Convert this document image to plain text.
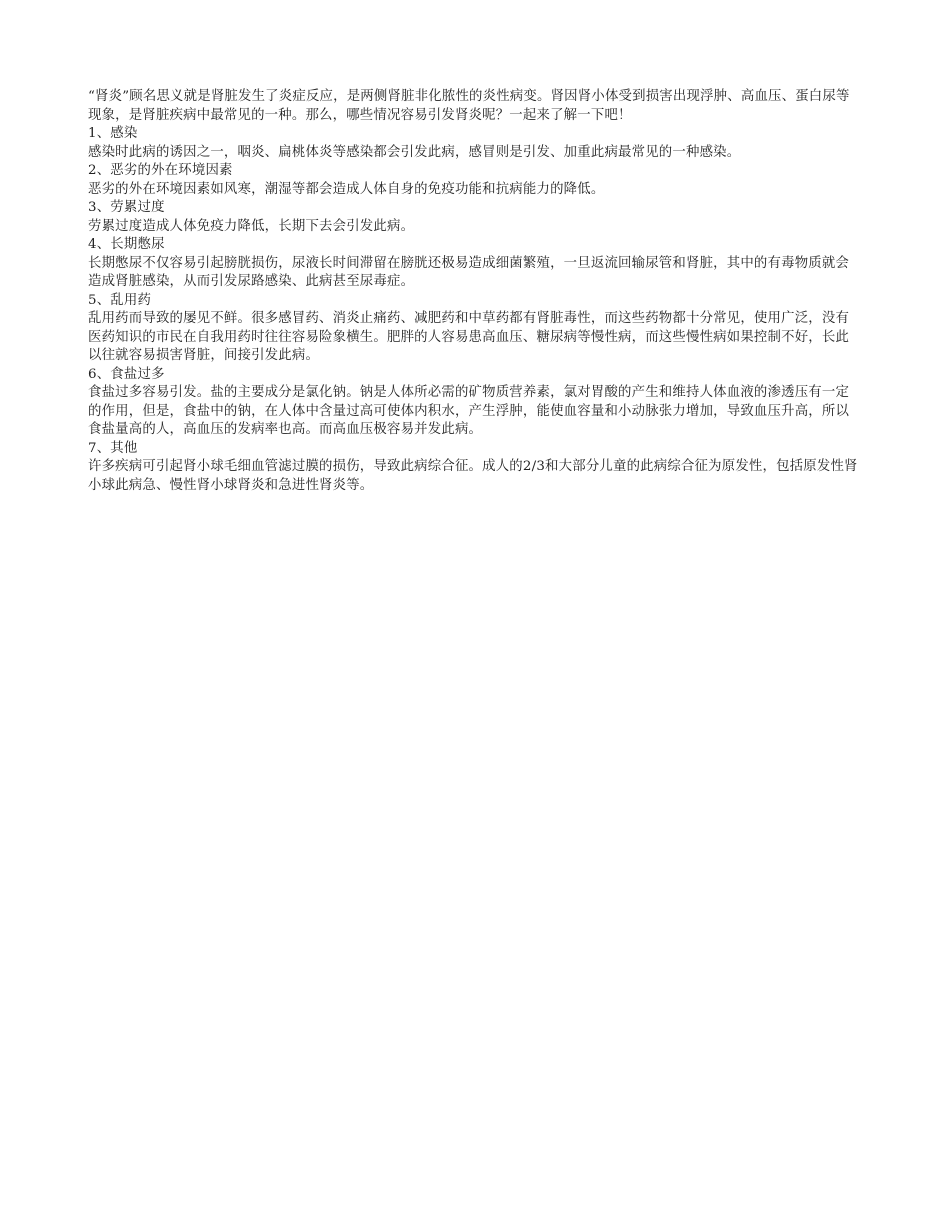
“肾炎”顾名思义就是肾脏发生了炎症反应，是两侧肾脏非化脓性的炎性病变。肾因肾小体受到损害出现浮肿、高血压、蛋白尿等现象，是肾脏疾病中最常见的一种。那么，哪些情况容易引发肾炎呢？一起来了解一下吧！

1、感染

感染时此病的诱因之一，咽炎、扁桃体炎等感染都会引发此病，感冒则是引发、加重此病最常见的一种感染。

2、恶劣的外在环境因素

恶劣的外在环境因素如风寒，潮湿等都会造成人体自身的免疫功能和抗病能力的降低。

3、劳累过度

劳累过度造成人体免疫力降低，长期下去会引发此病。

4、长期憋尿

长期憋尿不仅容易引起膀胱损伤，尿液长时间滞留在膀胱还极易造成细菌繁殖，一旦返流回输尿管和肾脏，其中的有毒物质就会造成肾脏感染，从而引发尿路感染、此病甚至尿毒症。

5、乱用药

乱用药而导致的屡见不鲜。很多感冒药、消炎止痛药、减肥药和中草药都有肾脏毒性，而这些药物都十分常见，使用广泛，没有医药知识的市民在自我用药时往往容易险象横生。肥胖的人容易患高血压、糖尿病等慢性病，而这些慢性病如果控制不好，长此以往就容易损害肾脏，间接引发此病。

6、食盐过多

食盐过多容易引发。盐的主要成分是氯化钠。钠是人体所必需的矿物质营养素，氯对胃酸的产生和维持人体血液的渗透压有一定的作用，但是，食盐中的钠，在人体中含量过高可使体内积水，产生浮肿，能使血容量和小动脉张力增加，导致血压升高，所以食盐量高的人，高血压的发病率也高。而高血压极容易并发此病。

7、其他

许多疾病可引起肾小球毛细血管滤过膜的损伤，导致此病综合征。成人的2/3和大部分儿童的此病综合征为原发性，包括原发性肾小球此病急、慢性肾小球肾炎和急进性肾炎等。
